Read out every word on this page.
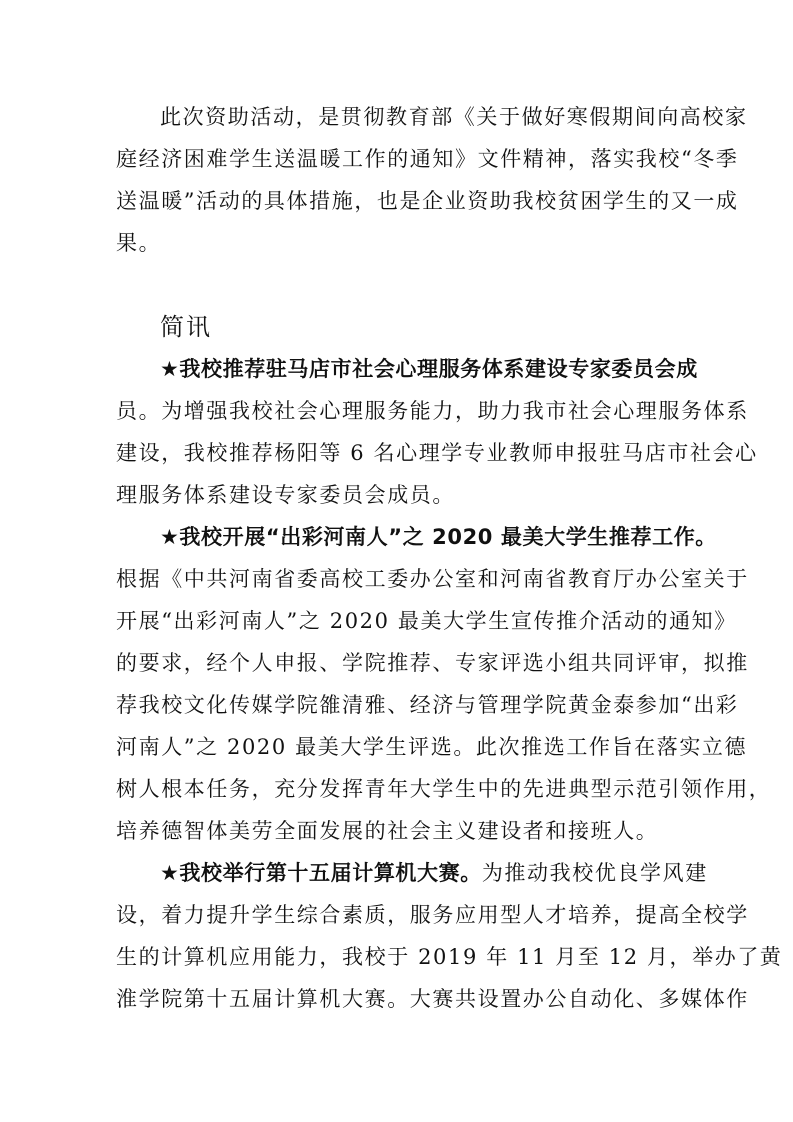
此次资助活动，是贯彻教育部《关于做好寒假期间向高校家
庭经济困难学生送温暖工作的通知》文件精神，落实我校“冬季
送温暖”活动的具体措施，也是企业资助我校贫困学生的又一成
果。
简讯
★我校推荐驻马店市社会心理服务体系建设专家委员会成
员。为增强我校社会心理服务能力，助力我市社会心理服务体系
建设，我校推荐杨阳等 6 名心理学专业教师申报驻马店市社会心
理服务体系建设专家委员会成员。
★我校开展“出彩河南人”之 2020 最美大学生推荐工作。
根据《中共河南省委高校工委办公室和河南省教育厅办公室关于
开展“出彩河南人”之 2020 最美大学生宣传推介活动的通知》
的要求，经个人申报、学院推荐、专家评选小组共同评审，拟推
荐我校文化传媒学院雒清雅、经济与管理学院黄金泰参加“出彩
河南人”之 2020 最美大学生评选。此次推选工作旨在落实立德
树人根本任务，充分发挥青年大学生中的先进典型示范引领作用，
培养德智体美劳全面发展的社会主义建设者和接班人。
★我校举行第十五届计算机大赛。为推动我校优良学风建
设，着力提升学生综合素质，服务应用型人才培养，提高全校学
生的计算机应用能力，我校于 2019 年 11 月至 12 月，举办了黄
淮学院第十五届计算机大赛。大赛共设置办公自动化、多媒体作
